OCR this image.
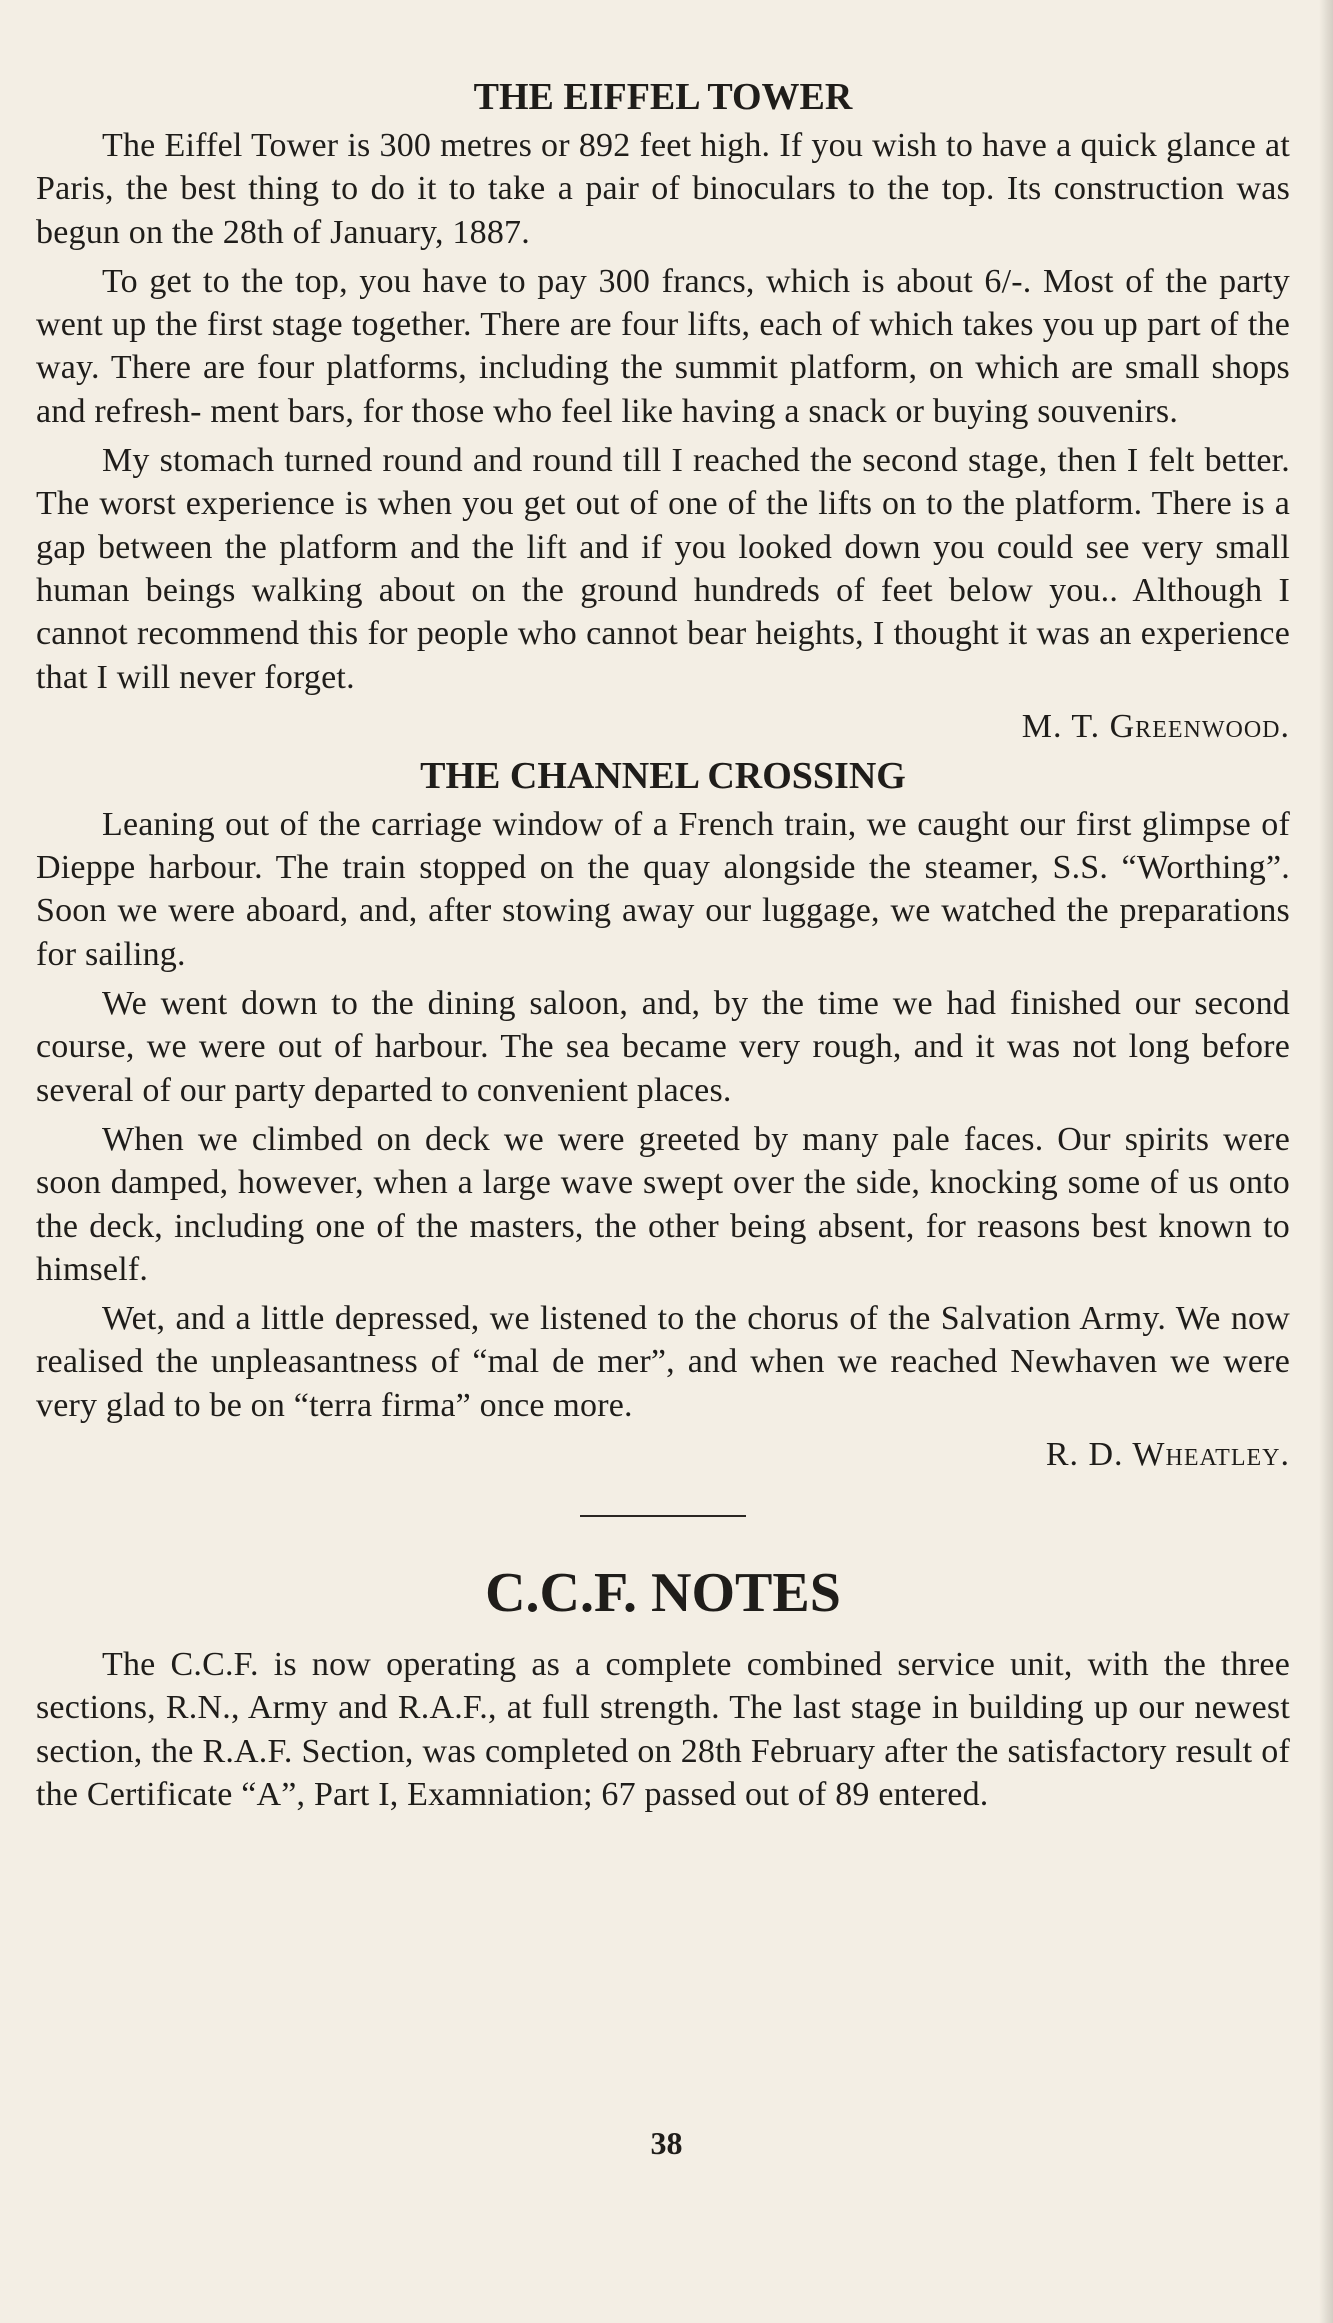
THE EIFFEL TOWER

The Eiffel Tower is 300 metres or 892 feet high. If you wish to have a quick glance at Paris, the best thing to do it to take a pair of binoculars to the top. Its construction was begun on the 28th of January, 1887.

To get to the top, you have to pay 300 francs, which is about 6/-. Most of the party went up the first stage together. There are four lifts, each of which takes you up part of the way. There are four platforms, including the summit platform, on which are small shops and refresh- ment bars, for those who feel like having a snack or buying souvenirs.

My stomach turned round and round till I reached the second stage, then I felt better. The worst experience is when you get out of one of the lifts on to the platform. There is a gap between the platform and the lift and if you looked down you could see very small human beings walking about on the ground hundreds of feet below you.. Although I cannot recommend this for people who cannot bear heights, I thought it was an experience that I will never forget.

M. T. Greenwood.
THE CHANNEL CROSSING

Leaning out of the carriage window of a French train, we caught our first glimpse of Dieppe harbour. The train stopped on the quay alongside the steamer, S.S. “Worthing”. Soon we were aboard, and, after stowing away our luggage, we watched the preparations for sailing.

We went down to the dining saloon, and, by the time we had finished our second course, we were out of harbour. The sea became very rough, and it was not long before several of our party departed to convenient places.

When we climbed on deck we were greeted by many pale faces. Our spirits were soon damped, however, when a large wave swept over the side, knocking some of us onto the deck, including one of the masters, the other being absent, for reasons best known to himself.

Wet, and a little depressed, we listened to the chorus of the Salvation Army. We now realised the unpleasantness of “mal de mer”, and when we reached Newhaven we were very glad to be on “terra firma” once more.

R. D. Wheatley.
C.C.F. NOTES

The C.C.F. is now operating as a complete combined service unit, with the three sections, R.N., Army and R.A.F., at full strength. The last stage in building up our newest section, the R.A.F. Section, was completed on 28th February after the satisfactory result of the Certificate “A”, Part I, Examniation; 67 passed out of 89 entered.

38
